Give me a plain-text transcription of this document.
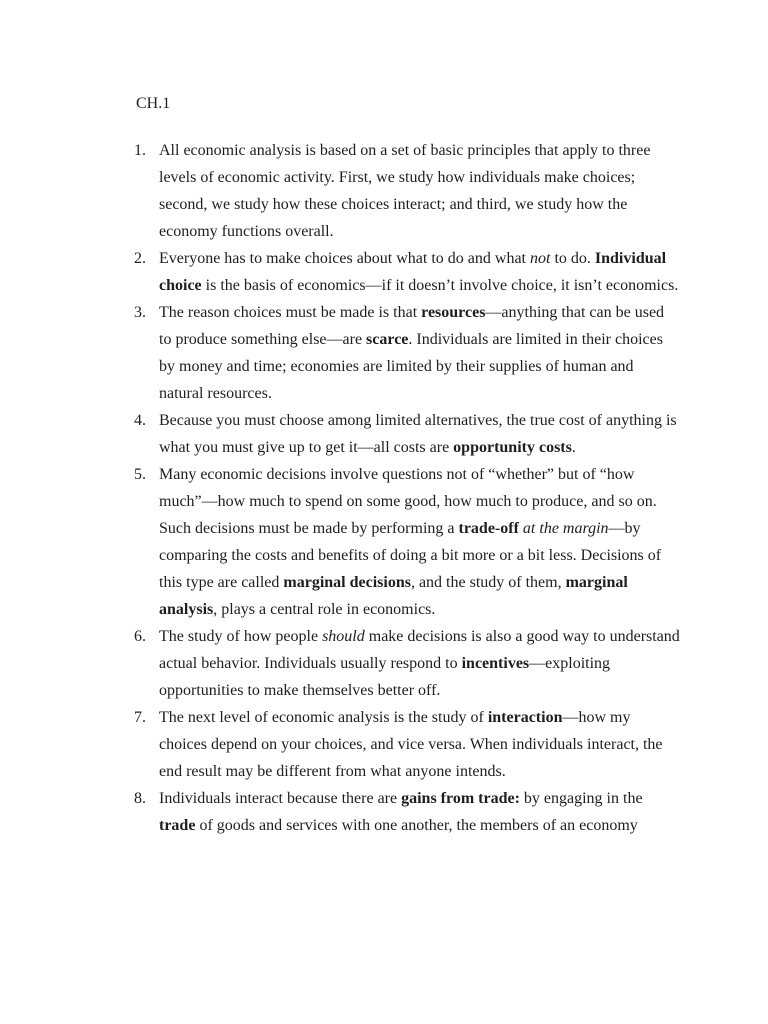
CH.1
1. All economic analysis is based on a set of basic principles that apply to three levels of economic activity. First, we study how individuals make choices; second, we study how these choices interact; and third, we study how the economy functions overall.
2. Everyone has to make choices about what to do and what not to do. Individual choice is the basis of economics—if it doesn’t involve choice, it isn’t economics.
3. The reason choices must be made is that resources—anything that can be used to produce something else—are scarce. Individuals are limited in their choices by money and time; economies are limited by their supplies of human and natural resources.
4. Because you must choose among limited alternatives, the true cost of anything is what you must give up to get it—all costs are opportunity costs.
5. Many economic decisions involve questions not of “whether” but of “how much”—how much to spend on some good, how much to produce, and so on. Such decisions must be made by performing a trade-off at the margin—by comparing the costs and benefits of doing a bit more or a bit less. Decisions of this type are called marginal decisions, and the study of them, marginal analysis, plays a central role in economics.
6. The study of how people should make decisions is also a good way to understand actual behavior. Individuals usually respond to incentives—exploiting opportunities to make themselves better off.
7. The next level of economic analysis is the study of interaction—how my choices depend on your choices, and vice versa. When individuals interact, the end result may be different from what anyone intends.
8. Individuals interact because there are gains from trade: by engaging in the trade of goods and services with one another, the members of an economy
